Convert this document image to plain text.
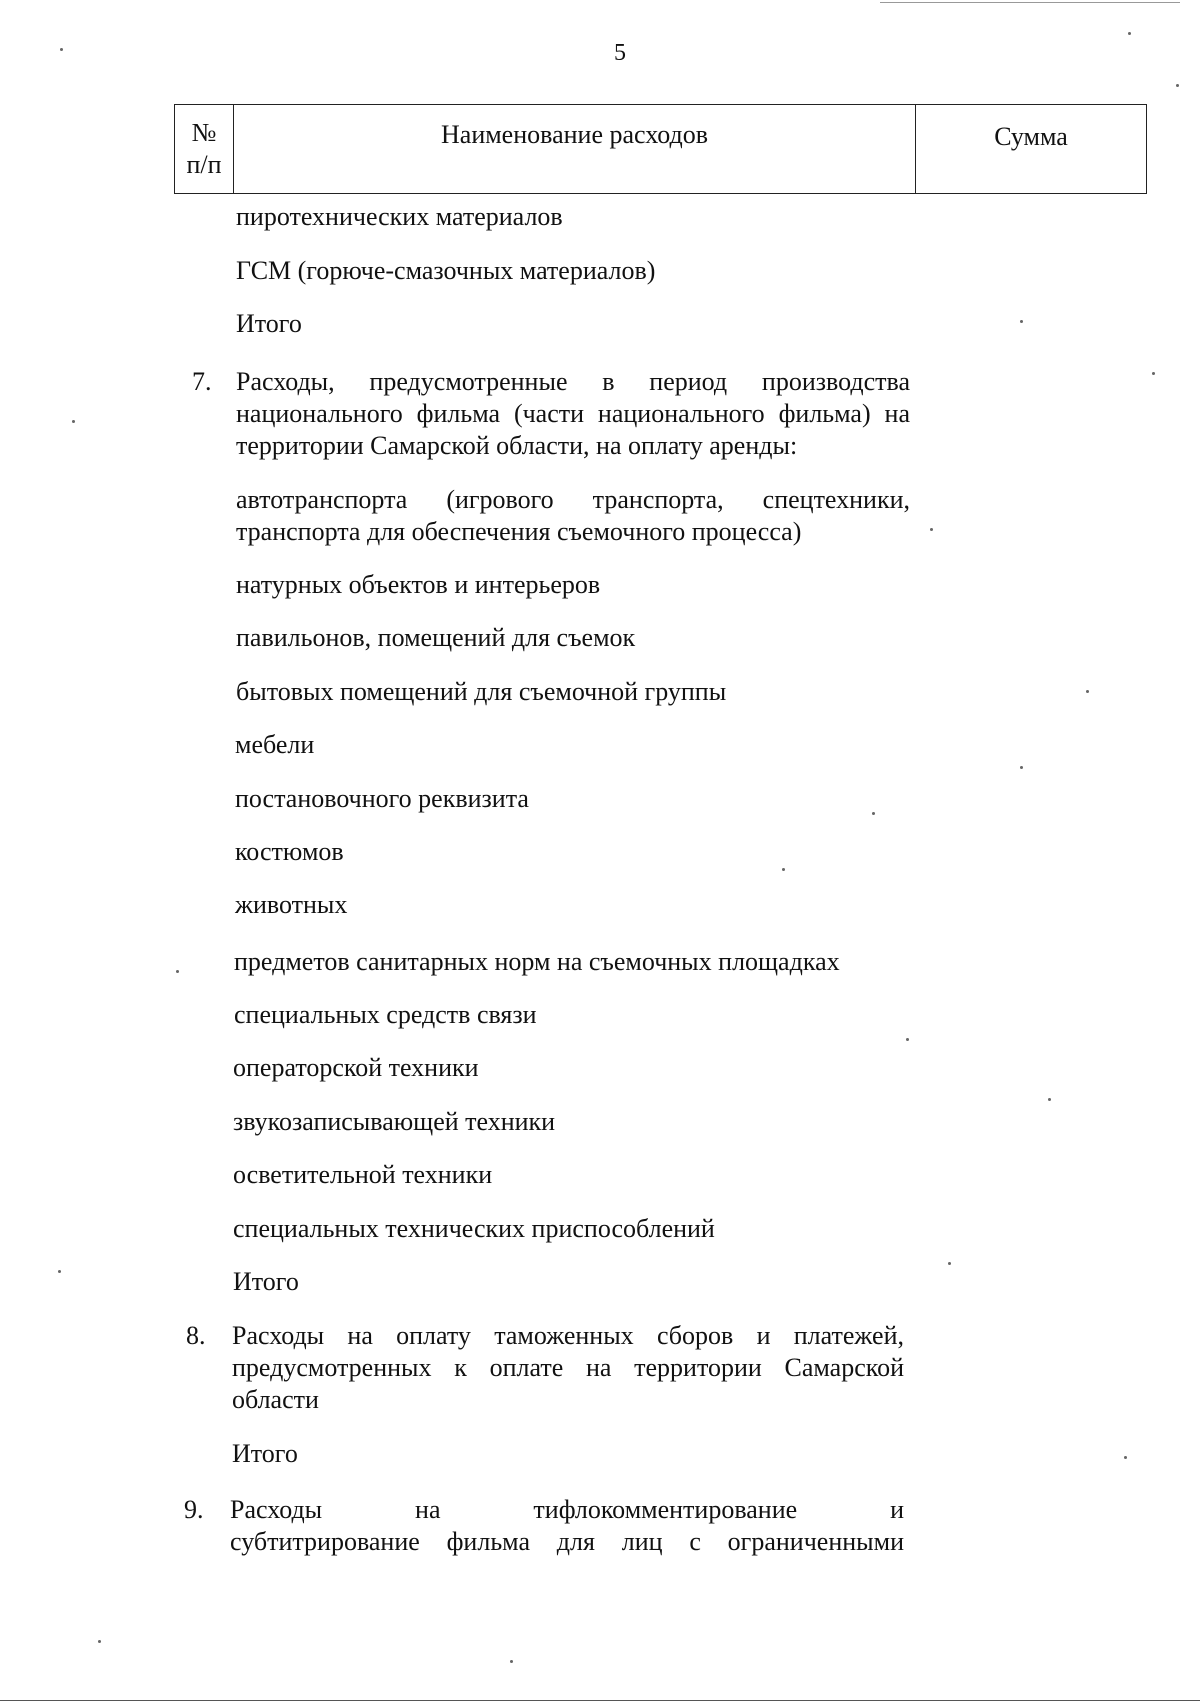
5
№
п/п
Наименование расходов	Сумма
пиротехнических материалов
ГСМ (горюче-смазочных материалов)
Итого
7. Расходы, предусмотренные в период производства национального фильма (части национального фильма) на территории Самарской области, на оплату аренды:
автотранспорта (игрового транспорта, спецтехники, транспорта для обеспечения съемочного процесса)
натурных объектов и интерьеров
павильонов, помещений для съемок
бытовых помещений для съемочной группы
мебели
постановочного реквизита
костюмов
животных
предметов санитарных норм на съемочных площадках
специальных средств связи
операторской техники
звукозаписывающей техники
осветительной техники
специальных технических приспособлений
Итого
8. Расходы на оплату таможенных сборов и платежей, предусмотренных к оплате на территории Самарской области
Итого
9. Расходы на тифлокомментирование и
субтитрирование фильма для лиц с ограниченными
